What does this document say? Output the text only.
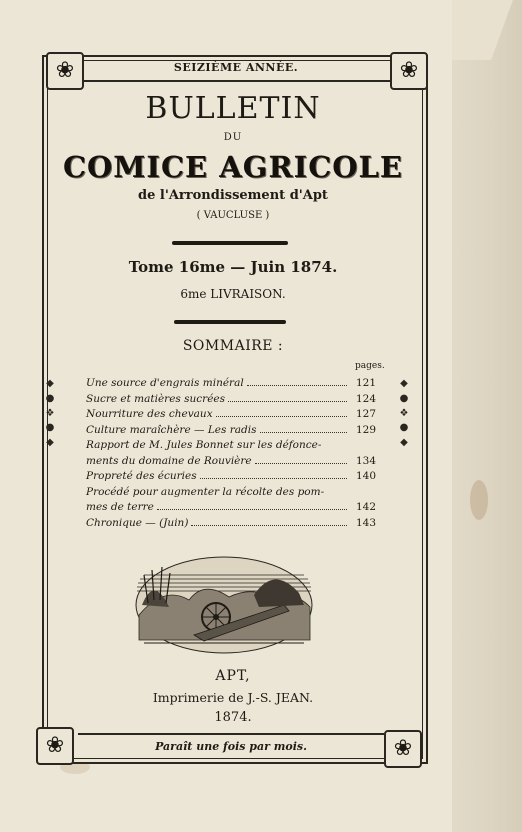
❀	❀
❀	❀
◆
●
❖
●
◆
◆
●
❖
●
◆
SEIZIÈME ANNÉE.
BULLETIN
DU
COMICE AGRICOLE
de l'Arrondissement d'Apt
( VAUCLUSE )
Tome 16me — Juin 1874.
6me LIVRAISON.
SOMMAIRE :
pages.
Une source d'engrais minéral	121
Sucre et matières sucrées	124
Nourriture des chevaux	127
Culture maraîchère — Les radis	129
Rapport de M. Jules Bonnet sur les défonce-
ments du domaine de Rouvière	134
Propreté des écuries	140
Procédé pour augmenter la récolte des pom-
mes de terre	142
Chronique — (Juin)	143
APT,
Imprimerie de J.-S. JEAN.
1874.
Paraît une fois par mois.
